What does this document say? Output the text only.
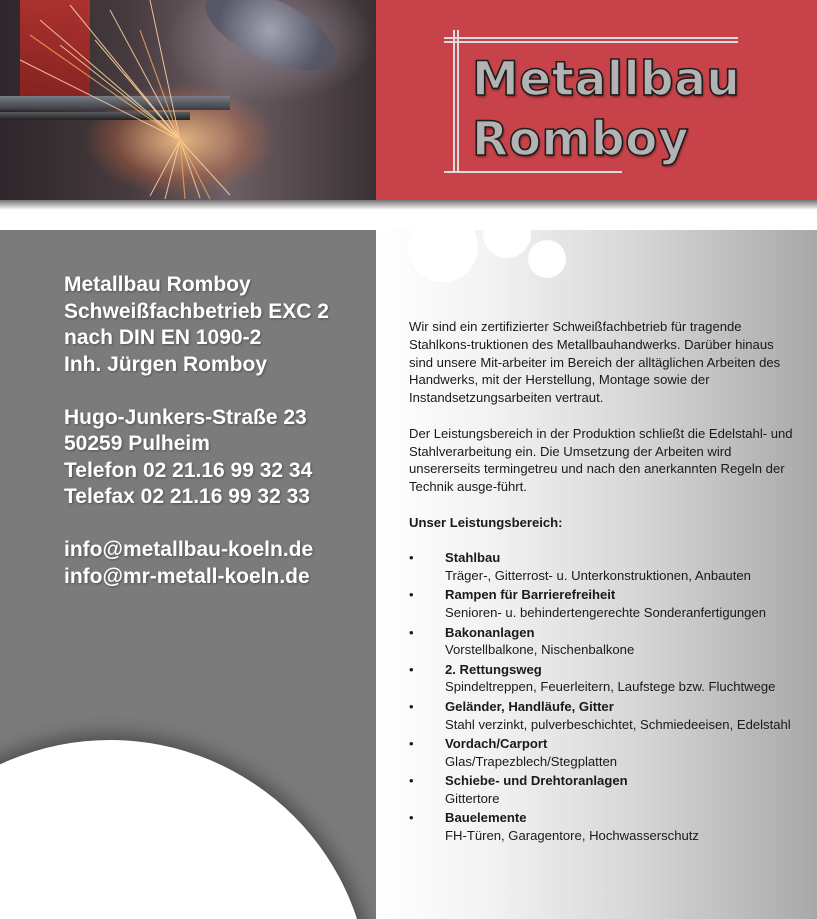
Metallbau
Romboy
Metallbau Romboy
Schweißfachbetrieb EXC 2
nach DIN EN 1090-2
Inh. Jürgen Romboy
Hugo-Junkers-Straße 23
50259 Pulheim
Telefon 02 21.16 99 32 34
Telefax 02 21.16 99 32 33
info@metallbau-koeln.de
info@mr-metall-koeln.de

Wir sind ein zertifizierter Schweißfachbetrieb für tragende Stahlkons-truktionen des Metallbauhandwerks. Darüber hinaus sind unsere Mit-arbeiter im Bereich der alltäglichen Arbeiten des Handwerks, mit der Herstellung, Montage sowie der Instandsetzungsarbeiten vertraut.

Der Leistungsbereich in der Produktion schließt die Edelstahl- und Stahlverarbeitung ein. Die Umsetzung der Arbeiten wird unsererseits termingetreu und nach den anerkannten Regeln der Technik ausge-führt.

Unser Leistungsbereich:

•	Stahlbau
Träger-, Gitterrost- u. Unterkonstruktionen, Anbauten
•	Rampen für Barrierefreiheit
Senioren- u. behindertengerechte Sonderanfertigungen
•	Bakonanlagen
Vorstellbalkone, Nischenbalkone
•	2. Rettungsweg
Spindeltreppen, Feuerleitern, Laufstege bzw. Fluchtwege
•	Geländer, Handläufe, Gitter
Stahl verzinkt, pulverbeschichtet, Schmiedeeisen, Edelstahl
•	Vordach/Carport
Glas/Trapezblech/Stegplatten
•	Schiebe- und Drehtoranlagen
Gittertore
•	Bauelemente
FH-Türen, Garagentore, Hochwasserschutz
